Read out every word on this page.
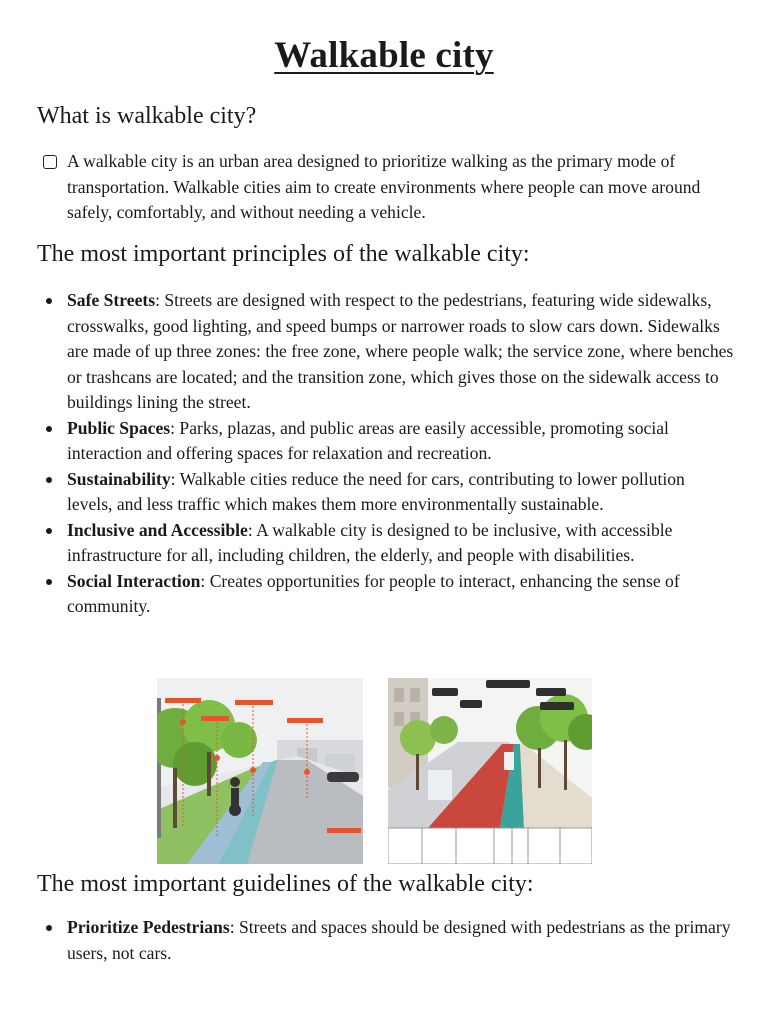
Walkable city
What is walkable city?
A walkable city is an urban area designed to prioritize walking as the primary mode of transportation. Walkable cities aim to create environments where people can move around safely, comfortably, and without needing a vehicle.
The most important principles of the walkable city:
Safe Streets: Streets are designed with respect to the pedestrians, featuring wide sidewalks, crosswalks, good lighting, and speed bumps or narrower roads to slow cars down. Sidewalks are made of up three zones: the free zone, where people walk; the service zone, where benches or trashcans are located; and the transition zone, which gives those on the sidewalk access to buildings lining the street.
Public Spaces: Parks, plazas, and public areas are easily accessible, promoting social interaction and offering spaces for relaxation and recreation.
Sustainability: Walkable cities reduce the need for cars, contributing to lower pollution levels, and less traffic which makes them more environmentally sustainable.
Inclusive and Accessible: A walkable city is designed to be inclusive, with accessible infrastructure for all, including children, the elderly, and people with disabilities.
Social Interaction: Creates opportunities for people to interact, enhancing the sense of community.
The most important guidelines of the walkable city:
Prioritize Pedestrians: Streets and spaces should be designed with pedestrians as the primary users, not cars.
